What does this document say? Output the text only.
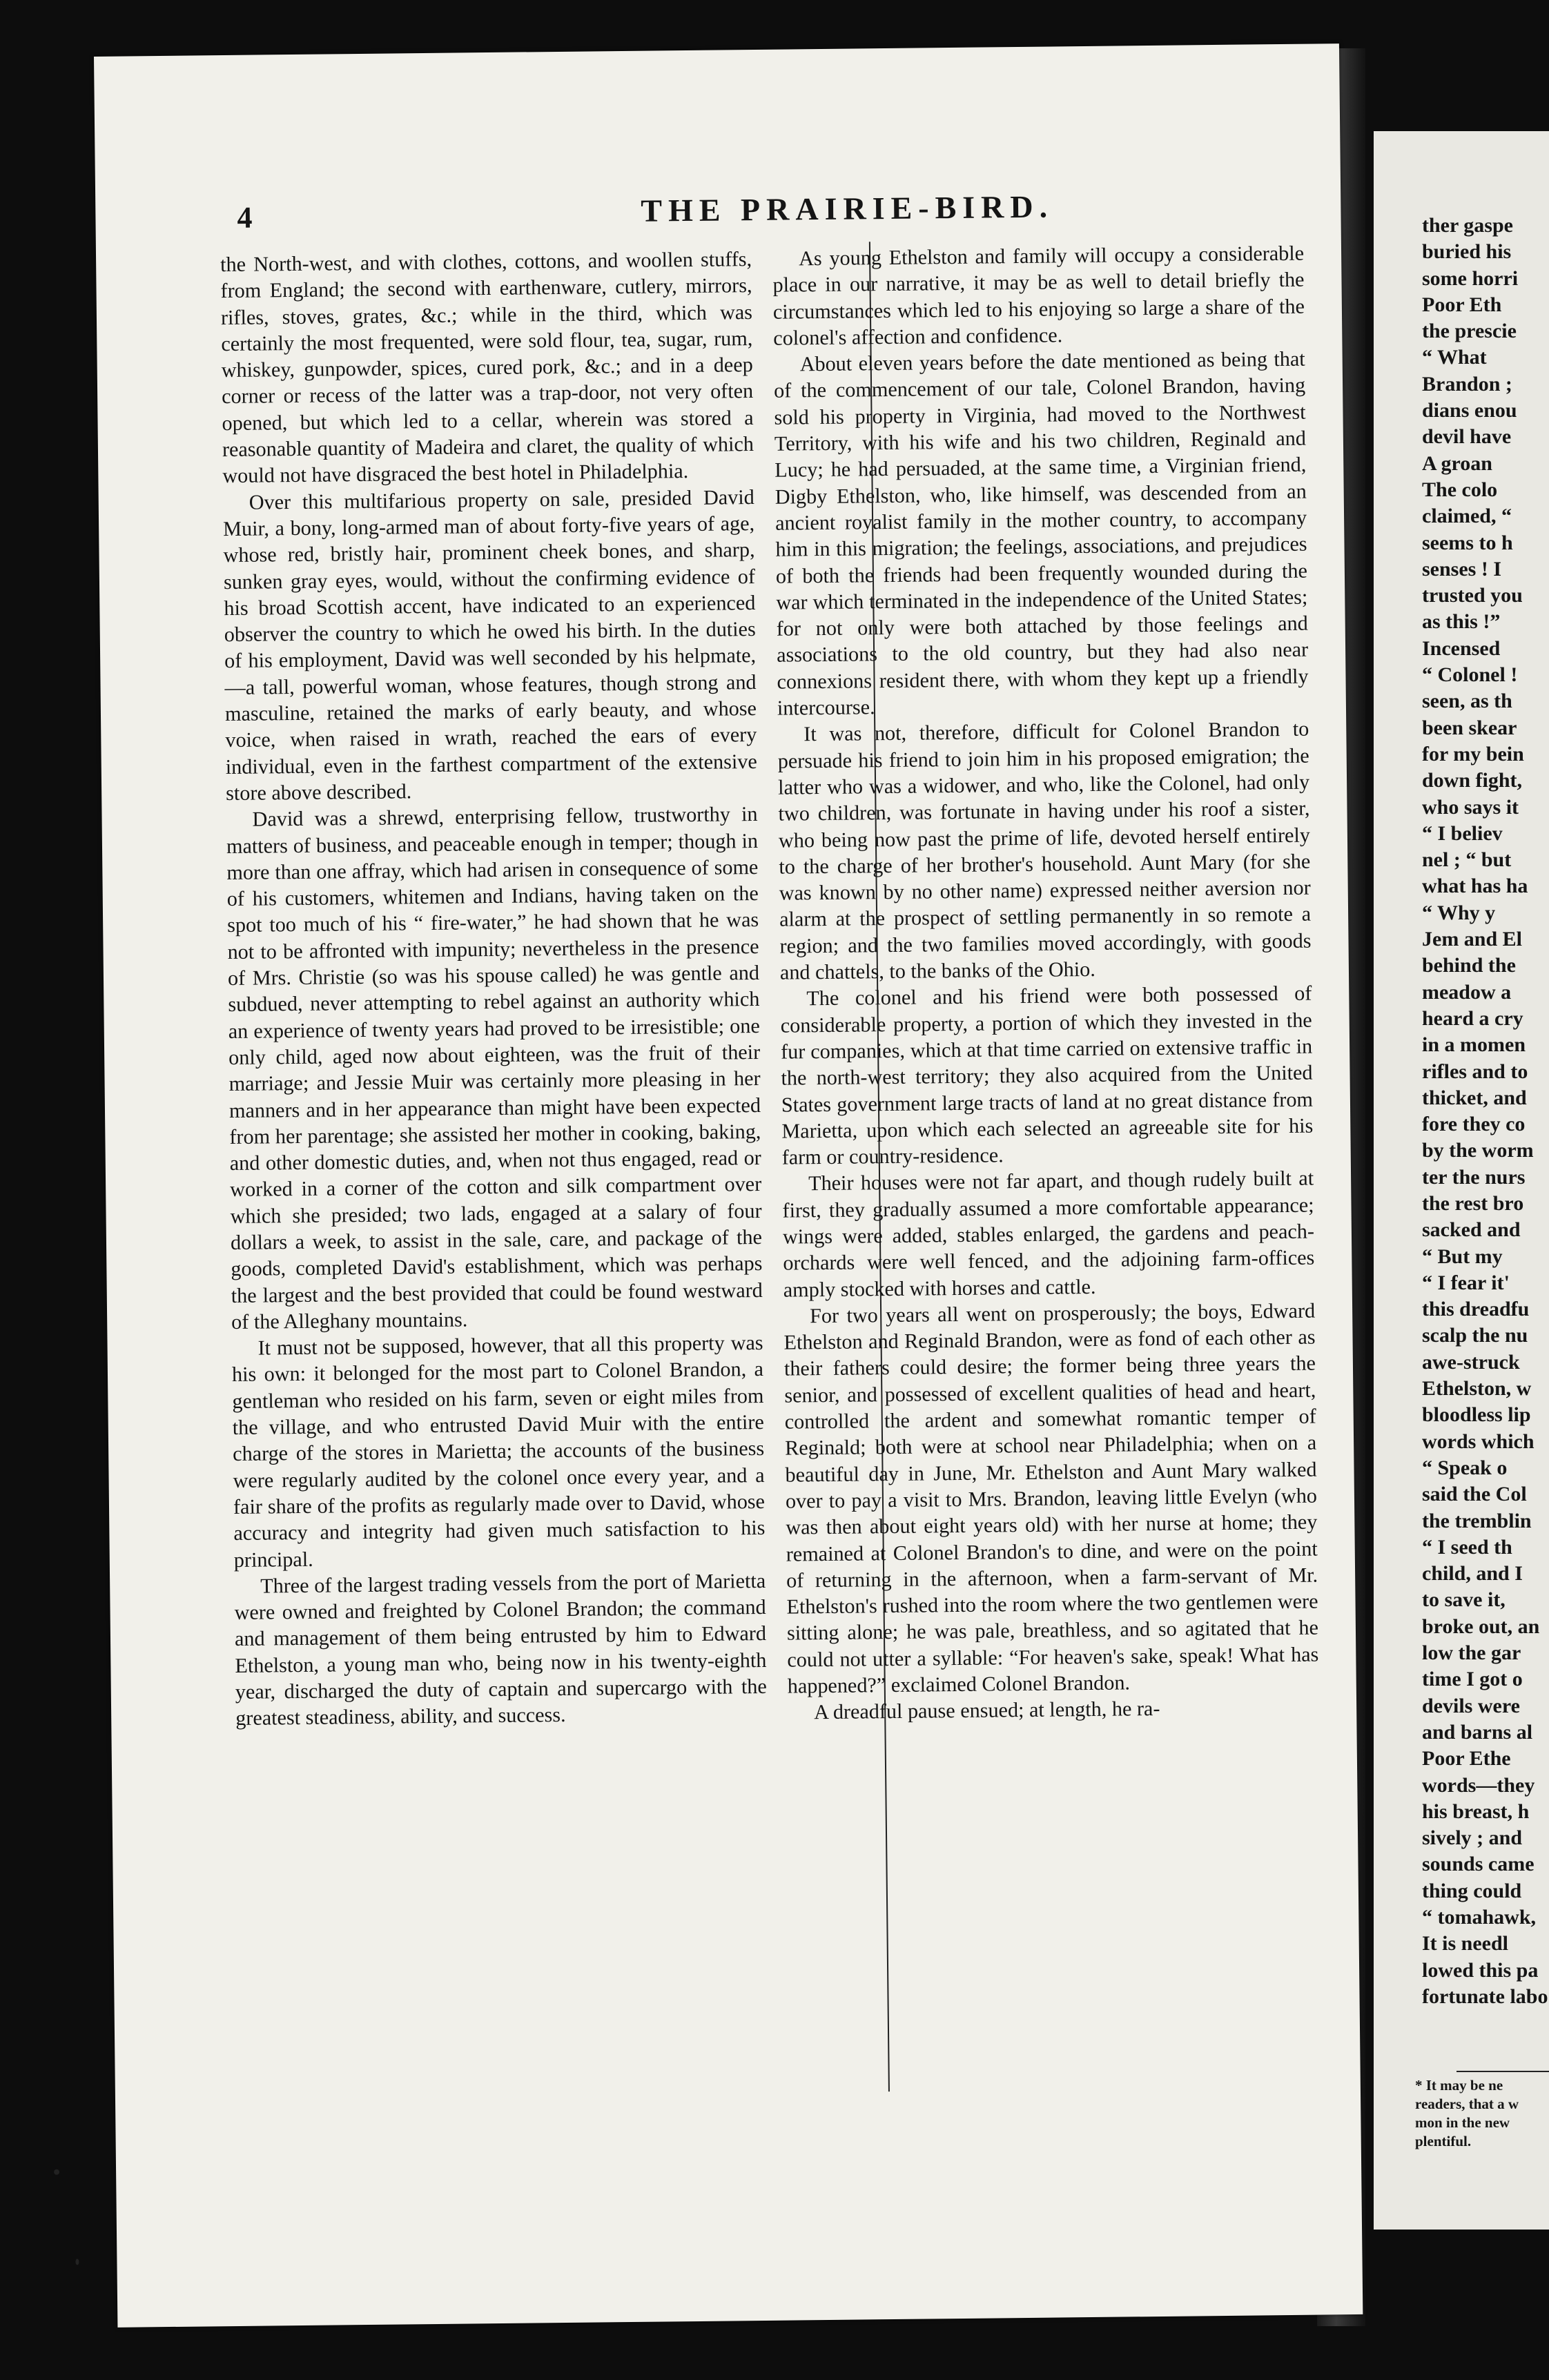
ther gaspe
buried his
some horri
Poor Eth
the prescie
“ What
Brandon ;
dians enou
devil have
A groan
The colo
claimed, “
seems to h
senses ! I
trusted you
as this !”
Incensed
“ Colonel !
seen, as th
been skear
for my bein
down fight,
who says it
“ I believ
nel ; “ but
what has ha
“ Why y
Jem and El
behind the
meadow a
heard a cry
in a momen
rifles and to
thicket, and
fore they co
by the worm
ter the nurs
the rest bro
sacked and
“ But my
“ I fear it'
this dreadfu
scalp the nu
awe-struck
Ethelston, w
bloodless lip
words which
“ Speak o
said the Col
the tremblin
“ I seed th
child, and I
to save it,
broke out, an
low the gar
time I got o
devils were
and barns al
Poor Ethe
words—they
his breast, h
sively ; and
sounds came
thing could
“ tomahawk,
It is needl
lowed this pa
fortunate labo
* It may be ne
readers, that a w
mon in the new
plentiful.
4	THE PRAIRIE-BIRD.

the North-west, and with clothes, cottons, and woollen stuffs, from England; the second with earthenware, cutlery, mirrors, rifles, stoves, grates, &c.; while in the third, which was certainly the most frequented, were sold flour, tea, sugar, rum, whiskey, gunpowder, spices, cured pork, &c.; and in a deep corner or recess of the latter was a trap-door, not very often opened, but which led to a cellar, wherein was stored a reasonable quantity of Madeira and claret, the quality of which would not have disgraced the best hotel in Philadelphia.

Over this multifarious property on sale, presided David Muir, a bony, long-armed man of about forty-five years of age, whose red, bristly hair, prominent cheek bones, and sharp, sunken gray eyes, would, without the confirming evidence of his broad Scottish accent, have indicated to an experienced observer the country to which he owed his birth. In the duties of his employment, David was well seconded by his helpmate,—a tall, powerful woman, whose features, though strong and masculine, retained the marks of early beauty, and whose voice, when raised in wrath, reached the ears of every individual, even in the farthest compartment of the extensive store above described.

David was a shrewd, enterprising fellow, trustworthy in matters of business, and peaceable enough in temper; though in more than one affray, which had arisen in consequence of some of his customers, whitemen and Indians, having taken on the spot too much of his “ fire-water,” he had shown that he was not to be affronted with impunity; nevertheless in the presence of Mrs. Christie (so was his spouse called) he was gentle and subdued, never attempting to rebel against an authority which an experience of twenty years had proved to be irresistible; one only child, aged now about eighteen, was the fruit of their marriage; and Jessie Muir was certainly more pleasing in her manners and in her appearance than might have been expected from her parentage; she assisted her mother in cooking, baking, and other domestic duties, and, when not thus engaged, read or worked in a corner of the cotton and silk compartment over which she presided; two lads, engaged at a salary of four dollars a week, to assist in the sale, care, and package of the goods, completed David's establishment, which was perhaps the largest and the best provided that could be found westward of the Alleghany mountains.

It must not be supposed, however, that all this property was his own: it belonged for the most part to Colonel Brandon, a gentleman who resided on his farm, seven or eight miles from the village, and who entrusted David Muir with the entire charge of the stores in Marietta; the accounts of the business were regularly audited by the colonel once every year, and a fair share of the profits as regularly made over to David, whose accuracy and integrity had given much satisfaction to his principal.

Three of the largest trading vessels from the port of Marietta were owned and freighted by Colonel Brandon; the command and management of them being entrusted by him to Edward Ethelston, a young man who, being now in his twenty-eighth year, discharged the duty of captain and supercargo with the greatest steadiness, ability, and success.

As young Ethelston and family will occupy a considerable place in our narrative, it may be as well to detail briefly the circumstances which led to his enjoying so large a share of the colonel's affection and confidence.

About eleven years before the date mentioned as being that of the commencement of our tale, Colonel Brandon, having sold his property in Virginia, had moved to the Northwest Territory, with his wife and his two children, Reginald and Lucy; he had persuaded, at the same time, a Virginian friend, Digby Ethelston, who, like himself, was descended from an ancient royalist family in the mother country, to accompany him in this migration; the feelings, associations, and prejudices of both the friends had been frequently wounded during the war which terminated in the independence of the United States; for not only were both attached by those feelings and associations to the old country, but they had also near connexions resident there, with whom they kept up a friendly intercourse.

It was not, therefore, difficult for Colonel Brandon to persuade his friend to join him in his proposed emigration; the latter who was a widower, and who, like the Colonel, had only two children, was fortunate in having under his roof a sister, who being now past the prime of life, devoted herself entirely to the charge of her brother's household. Aunt Mary (for she was known by no other name) expressed neither aversion nor alarm at the prospect of settling permanently in so remote a region; and the two families moved accordingly, with goods and chattels, to the banks of the Ohio.

The colonel and his friend were both possessed of considerable property, a portion of which they invested in the fur companies, which at that time carried on extensive traffic in the north-west territory; they also acquired from the United States government large tracts of land at no great distance from Marietta, upon which each selected an agreeable site for his farm or country-residence.

Their houses were not far apart, and though rudely built at first, they gradually assumed a more comfortable appearance; wings were added, stables enlarged, the gardens and peach-orchards were well fenced, and the adjoining farm-offices amply stocked with horses and cattle.

For two years all went on prosperously; the boys, Edward Ethelston and Reginald Brandon, were as fond of each other as their fathers could desire; the former being three years the senior, and possessed of excellent qualities of head and heart, controlled the ardent and somewhat romantic temper of Reginald; both were at school near Philadelphia; when on a beautiful day in June, Mr. Ethelston and Aunt Mary walked over to pay a visit to Mrs. Brandon, leaving little Evelyn (who was then about eight years old) with her nurse at home; they remained at Colonel Brandon's to dine, and were on the point of returning in the afternoon, when a farm-servant of Mr. Ethelston's rushed into the room where the two gentlemen were sitting alone; he was pale, breathless, and so agitated that he could not utter a syllable: “For heaven's sake, speak! What has happened?” exclaimed Colonel Brandon.

A dreadful pause ensued; at length, he ra-
